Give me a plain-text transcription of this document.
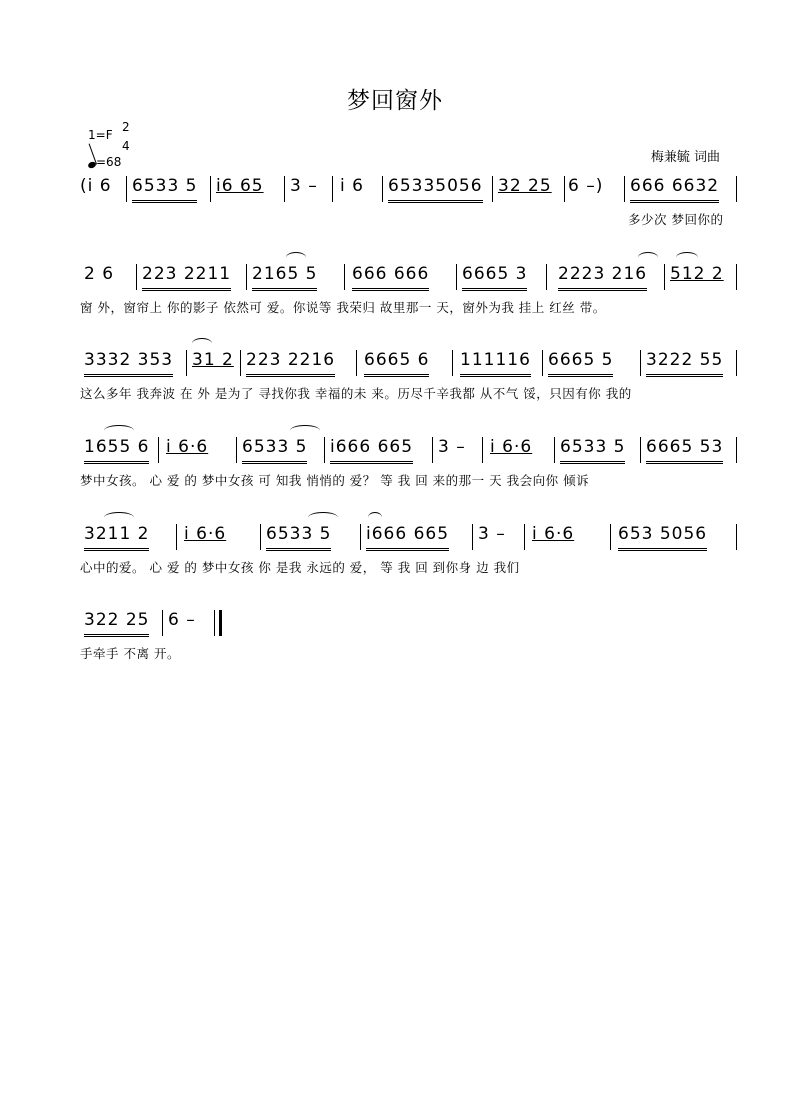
梦回窗外
1=F
2
4
=68	梅兼毓 词曲
(i 6 6533 5 i6 65 3 – i 6 65335056 32 25 6 –) 666 6632
多少次 梦回你的
2 6 223 2211 2165 5 666 666 6665 3 2223 216 512 2
窗 外，窗帘上 你的影子 依然可 爱。你说等 我荣归 故里那一 天，窗外为我 挂上 红丝 带。
3332 353 31 2 223 2216 6665 6 111116 6665 5 3222 55
这么多年 我奔波 在 外 是为了 寻找你我 幸福的未 来。历尽千辛我都 从不气 馁，只因有你 我的
1655 6 i 6·6 6533 5 i666 665 3 – i 6·6 6533 5 6665 53
梦中女孩。 心 爱 的 梦中女孩 可 知我 悄悄的 爱？ 等 我 回 来的那一 天 我会向你 倾诉
3211 2 i 6·6 6533 5 i666 665 3 – i 6·6	653 5056
心中的爱。 心 爱 的 梦中女孩 你 是我 永远的 爱， 等 我 回 到你身 边 我们
322 25 6 –
手牵手 不离 开。
